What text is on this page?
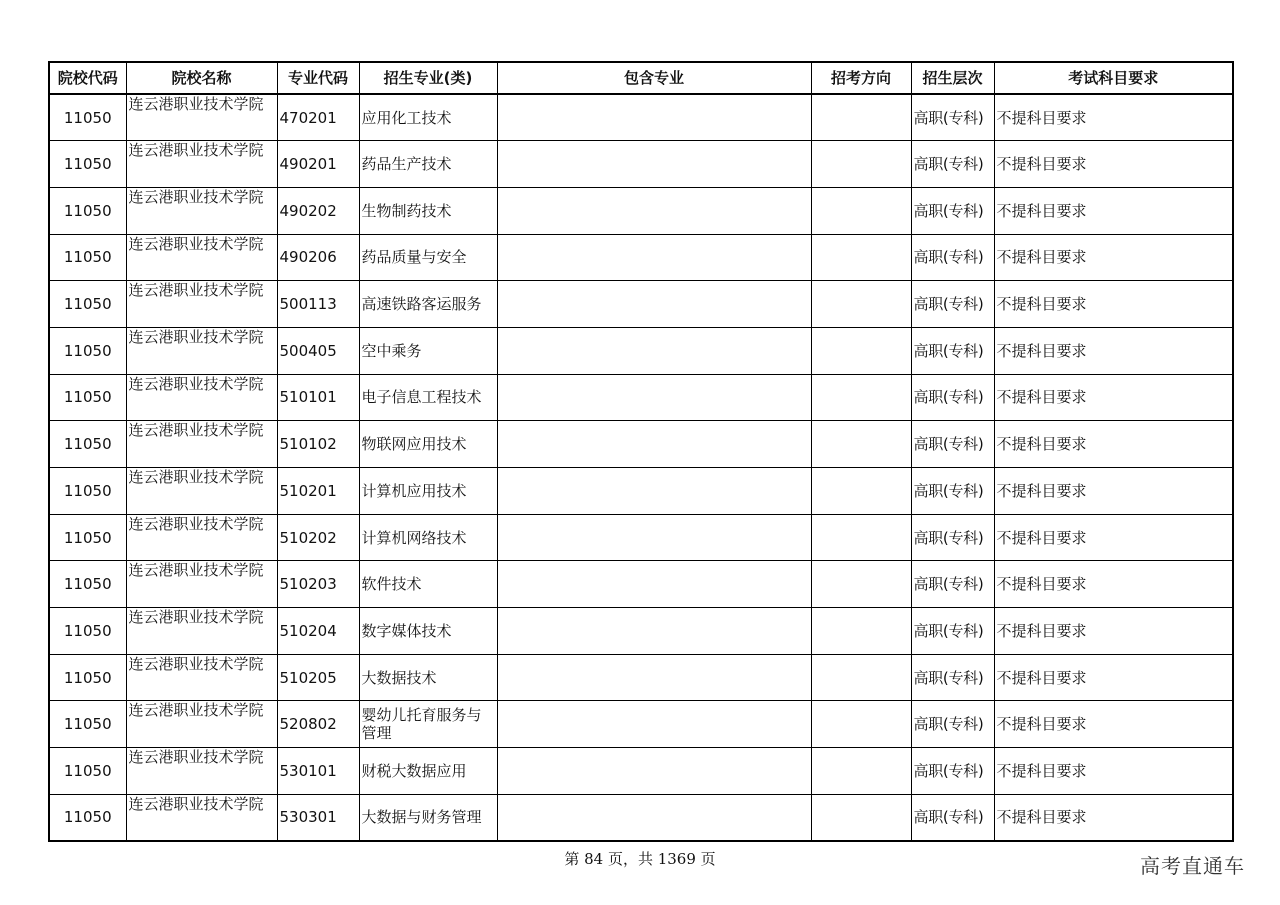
院校代码	院校名称	专业代码	招生专业(类)	包含专业	招考方向	招生层次	考试科目要求
11050	连云港职业技术学院	470201	应用化工技术			高职(专科)	不提科目要求
11050	连云港职业技术学院	490201	药品生产技术			高职(专科)	不提科目要求
11050	连云港职业技术学院	490202	生物制药技术			高职(专科)	不提科目要求
11050	连云港职业技术学院	490206	药品质量与安全			高职(专科)	不提科目要求
11050	连云港职业技术学院	500113	高速铁路客运服务			高职(专科)	不提科目要求
11050	连云港职业技术学院	500405	空中乘务			高职(专科)	不提科目要求
11050	连云港职业技术学院	510101	电子信息工程技术			高职(专科)	不提科目要求
11050	连云港职业技术学院	510102	物联网应用技术			高职(专科)	不提科目要求
11050	连云港职业技术学院	510201	计算机应用技术			高职(专科)	不提科目要求
11050	连云港职业技术学院	510202	计算机网络技术			高职(专科)	不提科目要求
11050	连云港职业技术学院	510203	软件技术			高职(专科)	不提科目要求
11050	连云港职业技术学院	510204	数字媒体技术			高职(专科)	不提科目要求
11050	连云港职业技术学院	510205	大数据技术			高职(专科)	不提科目要求
11050	连云港职业技术学院	520802	婴幼儿托育服务与管理			高职(专科)	不提科目要求
11050	连云港职业技术学院	530101	财税大数据应用			高职(专科)	不提科目要求
11050	连云港职业技术学院	530301	大数据与财务管理			高职(专科)	不提科目要求
第 84 页，共 1369 页	高考直通车
